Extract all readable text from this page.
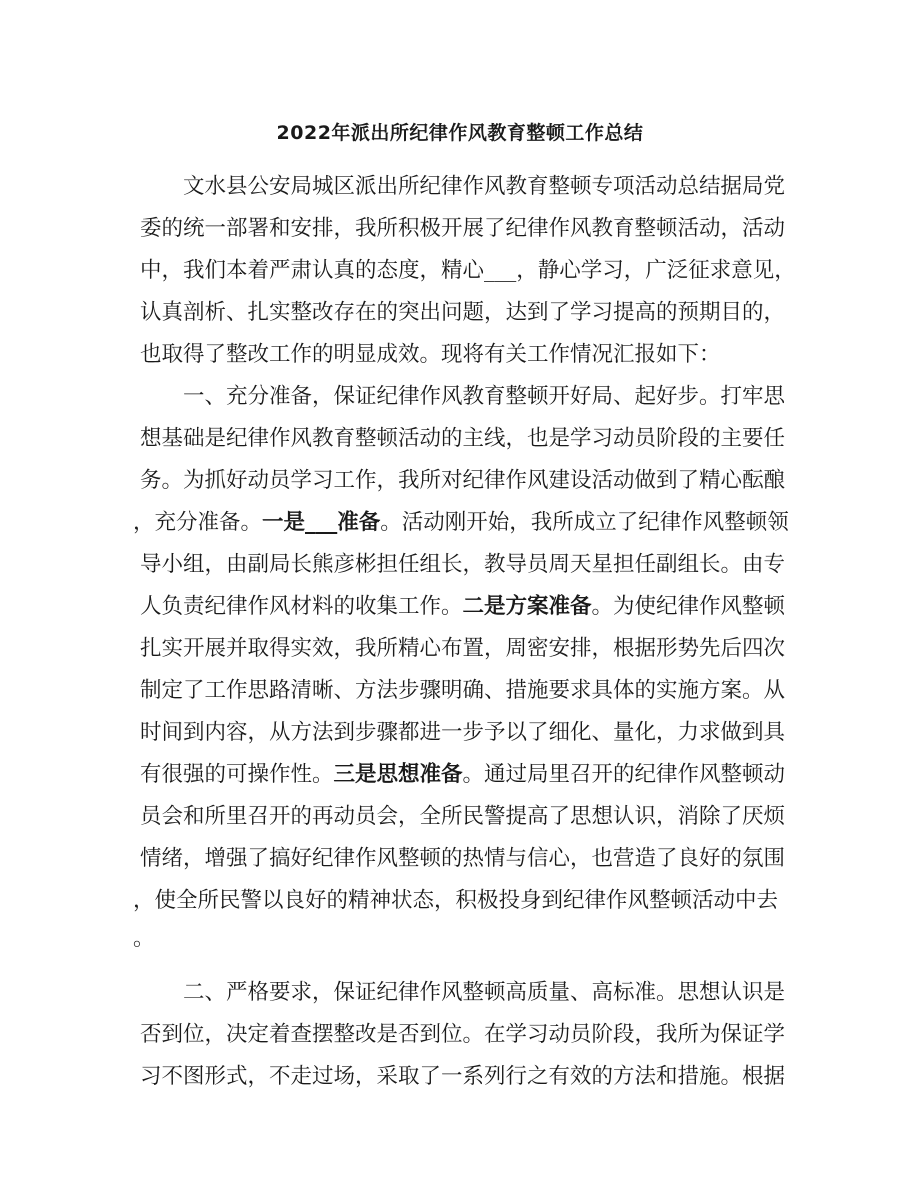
2022年派出所纪律作风教育整顿工作总结
文水县公安局城区派出所纪律作风教育整顿专项活动总结据局党
委的统一部署和安排，我所积极开展了纪律作风教育整顿活动，活动
中，我们本着严肃认真的态度，精心___，静心学习，广泛征求意见，
认真剖析、扎实整改存在的突出问题，达到了学习提高的预期目的，
也取得了整改工作的明显成效。现将有关工作情况汇报如下：
一、充分准备，保证纪律作风教育整顿开好局、起好步。打牢思
想基础是纪律作风教育整顿活动的主线，也是学习动员阶段的主要任
务。为抓好动员学习工作，我所对纪律作风建设活动做到了精心酝酿
，充分准备。一是___准备。活动刚开始，我所成立了纪律作风整顿领
导小组，由副局长熊彦彬担任组长，教导员周天星担任副组长。由专
人负责纪律作风材料的收集工作。二是方案准备。为使纪律作风整顿
扎实开展并取得实效，我所精心布置，周密安排，根据形势先后四次
制定了工作思路清晰、方法步骤明确、措施要求具体的实施方案。从
时间到内容，从方法到步骤都进一步予以了细化、量化，力求做到具
有很强的可操作性。三是思想准备。通过局里召开的纪律作风整顿动
员会和所里召开的再动员会，全所民警提高了思想认识，消除了厌烦
情绪，增强了搞好纪律作风整顿的热情与信心，也营造了良好的氛围
，使全所民警以良好的精神状态，积极投身到纪律作风整顿活动中去
。
二、严格要求，保证纪律作风整顿高质量、高标准。思想认识是
否到位，决定着查摆整改是否到位。在学习动员阶段，我所为保证学
习不图形式，不走过场，采取了一系列行之有效的方法和措施。根据
